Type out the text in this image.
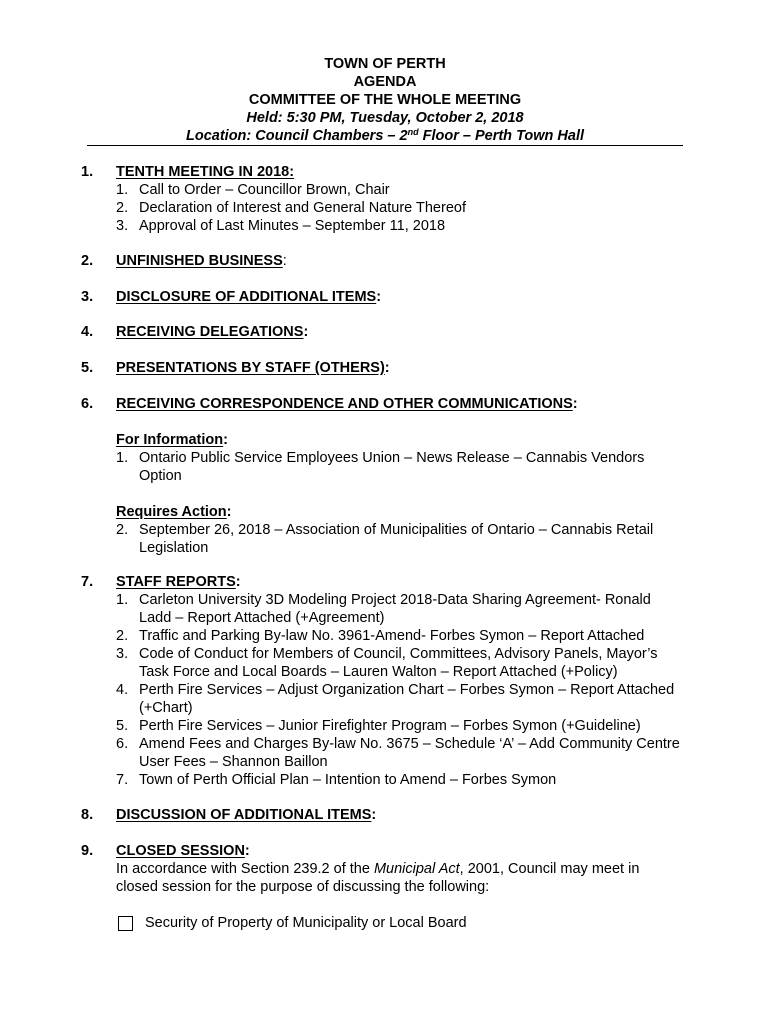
TOWN OF PERTH
AGENDA
COMMITTEE OF THE WHOLE MEETING
Held: 5:30 PM, Tuesday, October 2, 2018
Location: Council Chambers – 2nd Floor – Perth Town Hall
1. TENTH MEETING IN 2018:
1. Call to Order – Councillor Brown, Chair
2. Declaration of Interest and General Nature Thereof
3. Approval of Last Minutes – September 11, 2018
2. UNFINISHED BUSINESS:
3. DISCLOSURE OF ADDITIONAL ITEMS:
4. RECEIVING DELEGATIONS:
5. PRESENTATIONS BY STAFF (OTHERS):
6. RECEIVING CORRESPONDENCE AND OTHER COMMUNICATIONS:
For Information:
1. Ontario Public Service Employees Union – News Release – Cannabis Vendors Option
Requires Action:
2. September 26, 2018 – Association of Municipalities of Ontario – Cannabis Retail Legislation
7. STAFF REPORTS:
1. Carleton University 3D Modeling Project 2018-Data Sharing Agreement- Ronald Ladd – Report Attached (+Agreement)
2. Traffic and Parking By-law No. 3961-Amend- Forbes Symon – Report Attached
3. Code of Conduct for Members of Council, Committees, Advisory Panels, Mayor’s Task Force and Local Boards – Lauren Walton – Report Attached (+Policy)
4. Perth Fire Services – Adjust Organization Chart – Forbes Symon – Report Attached (+Chart)
5. Perth Fire Services – Junior Firefighter Program – Forbes Symon (+Guideline)
6. Amend Fees and Charges By-law No. 3675 – Schedule ‘A’ – Add Community Centre User Fees – Shannon Baillon
7. Town of Perth Official Plan – Intention to Amend – Forbes Symon
8. DISCUSSION OF ADDITIONAL ITEMS:
9. CLOSED SESSION:
In accordance with Section 239.2 of the Municipal Act, 2001, Council may meet in closed session for the purpose of discussing the following:
Security of Property of Municipality or Local Board
